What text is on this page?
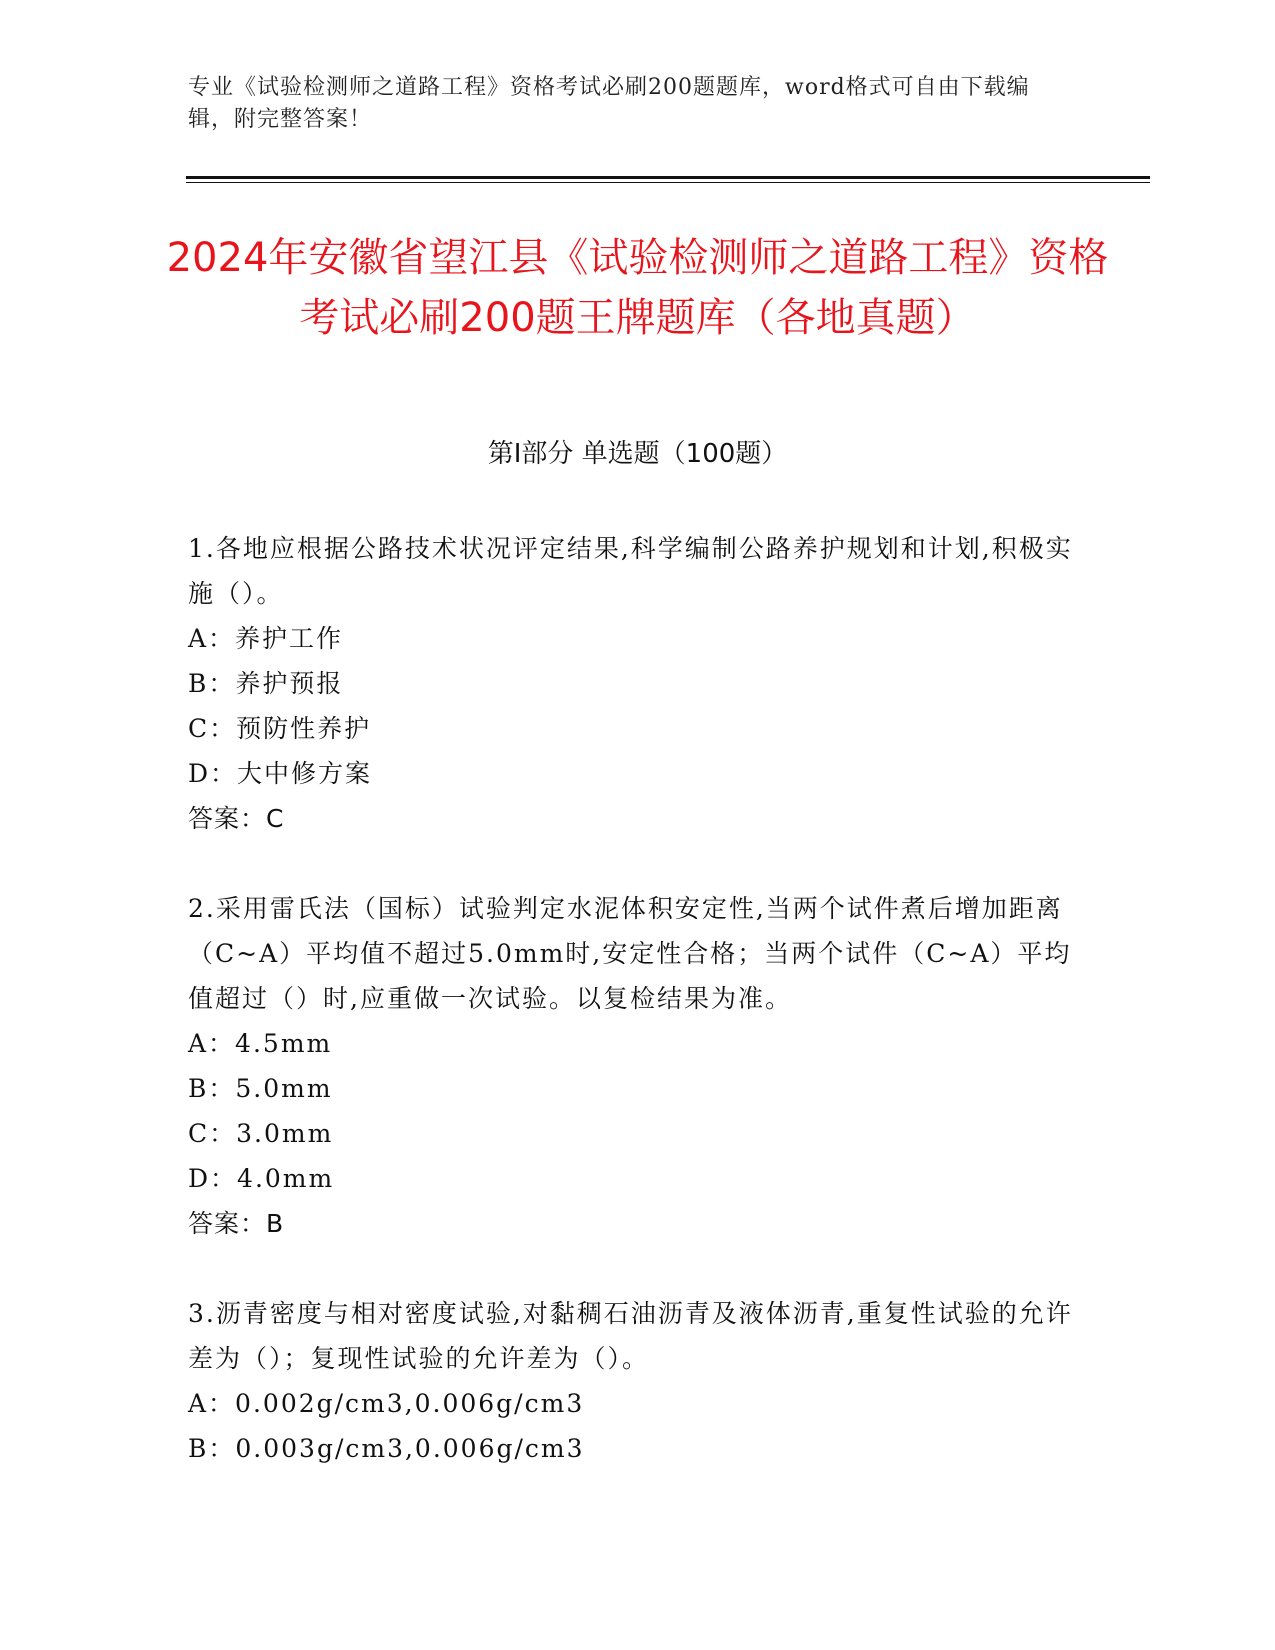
专业《试验检测师之道路工程》资格考试必刷200题题库，word格式可自由下载编辑，附完整答案！
2024年安徽省望江县《试验检测师之道路工程》资格考试必刷200题王牌题库（各地真题）
第I部分 单选题（100题）
1.各地应根据公路技术状况评定结果,科学编制公路养护规划和计划,积极实施（）。
A：养护工作
B：养护预报
C：预防性养护
D：大中修方案
答案：C
2.采用雷氏法（国标）试验判定水泥体积安定性,当两个试件煮后增加距离（C~A）平均值不超过5.0mm时,安定性合格；当两个试件（C~A）平均值超过（）时,应重做一次试验。以复检结果为准。
A：4.5mm
B：5.0mm
C：3.0mm
D：4.0mm
答案：B
3.沥青密度与相对密度试验,对黏稠石油沥青及液体沥青,重复性试验的允许差为（）；复现性试验的允许差为（）。
A：0.002g/cm3,0.006g/cm3
B：0.003g/cm3,0.006g/cm3
